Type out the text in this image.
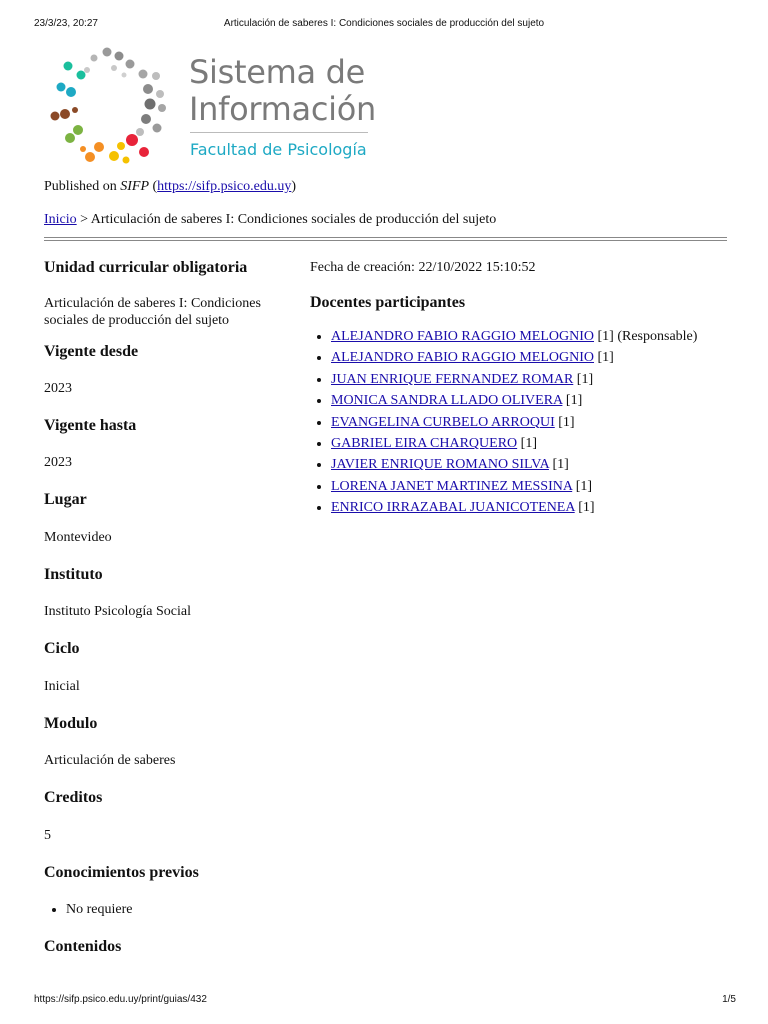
23/3/23, 20:27	Articulación de saberes I: Condiciones sociales de producción del sujeto
Sistema de
Información
Facultad de Psicología
Published on SIFP (https://sifp.psico.edu.uy)
Inicio > Articulación de saberes I: Condiciones sociales de producción del sujeto
Unidad curricular obligatoria
Articulación de saberes I: Condiciones sociales de producción del sujeto
Vigente desde
2023
Vigente hasta
2023
Lugar
Montevideo
Instituto
Instituto Psicología Social
Ciclo
Inicial
Modulo
Articulación de saberes
Creditos
5
Conocimientos previos
• No requiere
Contenidos
Fecha de creación: 22/10/2022 15:10:52
Docentes participantes
• ALEJANDRO FABIO RAGGIO MELOGNIO [1] (Responsable)
• ALEJANDRO FABIO RAGGIO MELOGNIO [1]
• JUAN ENRIQUE FERNANDEZ ROMAR [1]
• MONICA SANDRA LLADO OLIVERA [1]
• EVANGELINA CURBELO ARROQUI [1]
• GABRIEL EIRA CHARQUERO [1]
• JAVIER ENRIQUE ROMANO SILVA [1]
• LORENA JANET MARTINEZ MESSINA [1]
• ENRICO IRRAZABAL JUANICOTENEA [1]
https://sifp.psico.edu.uy/print/guias/432	1/5
